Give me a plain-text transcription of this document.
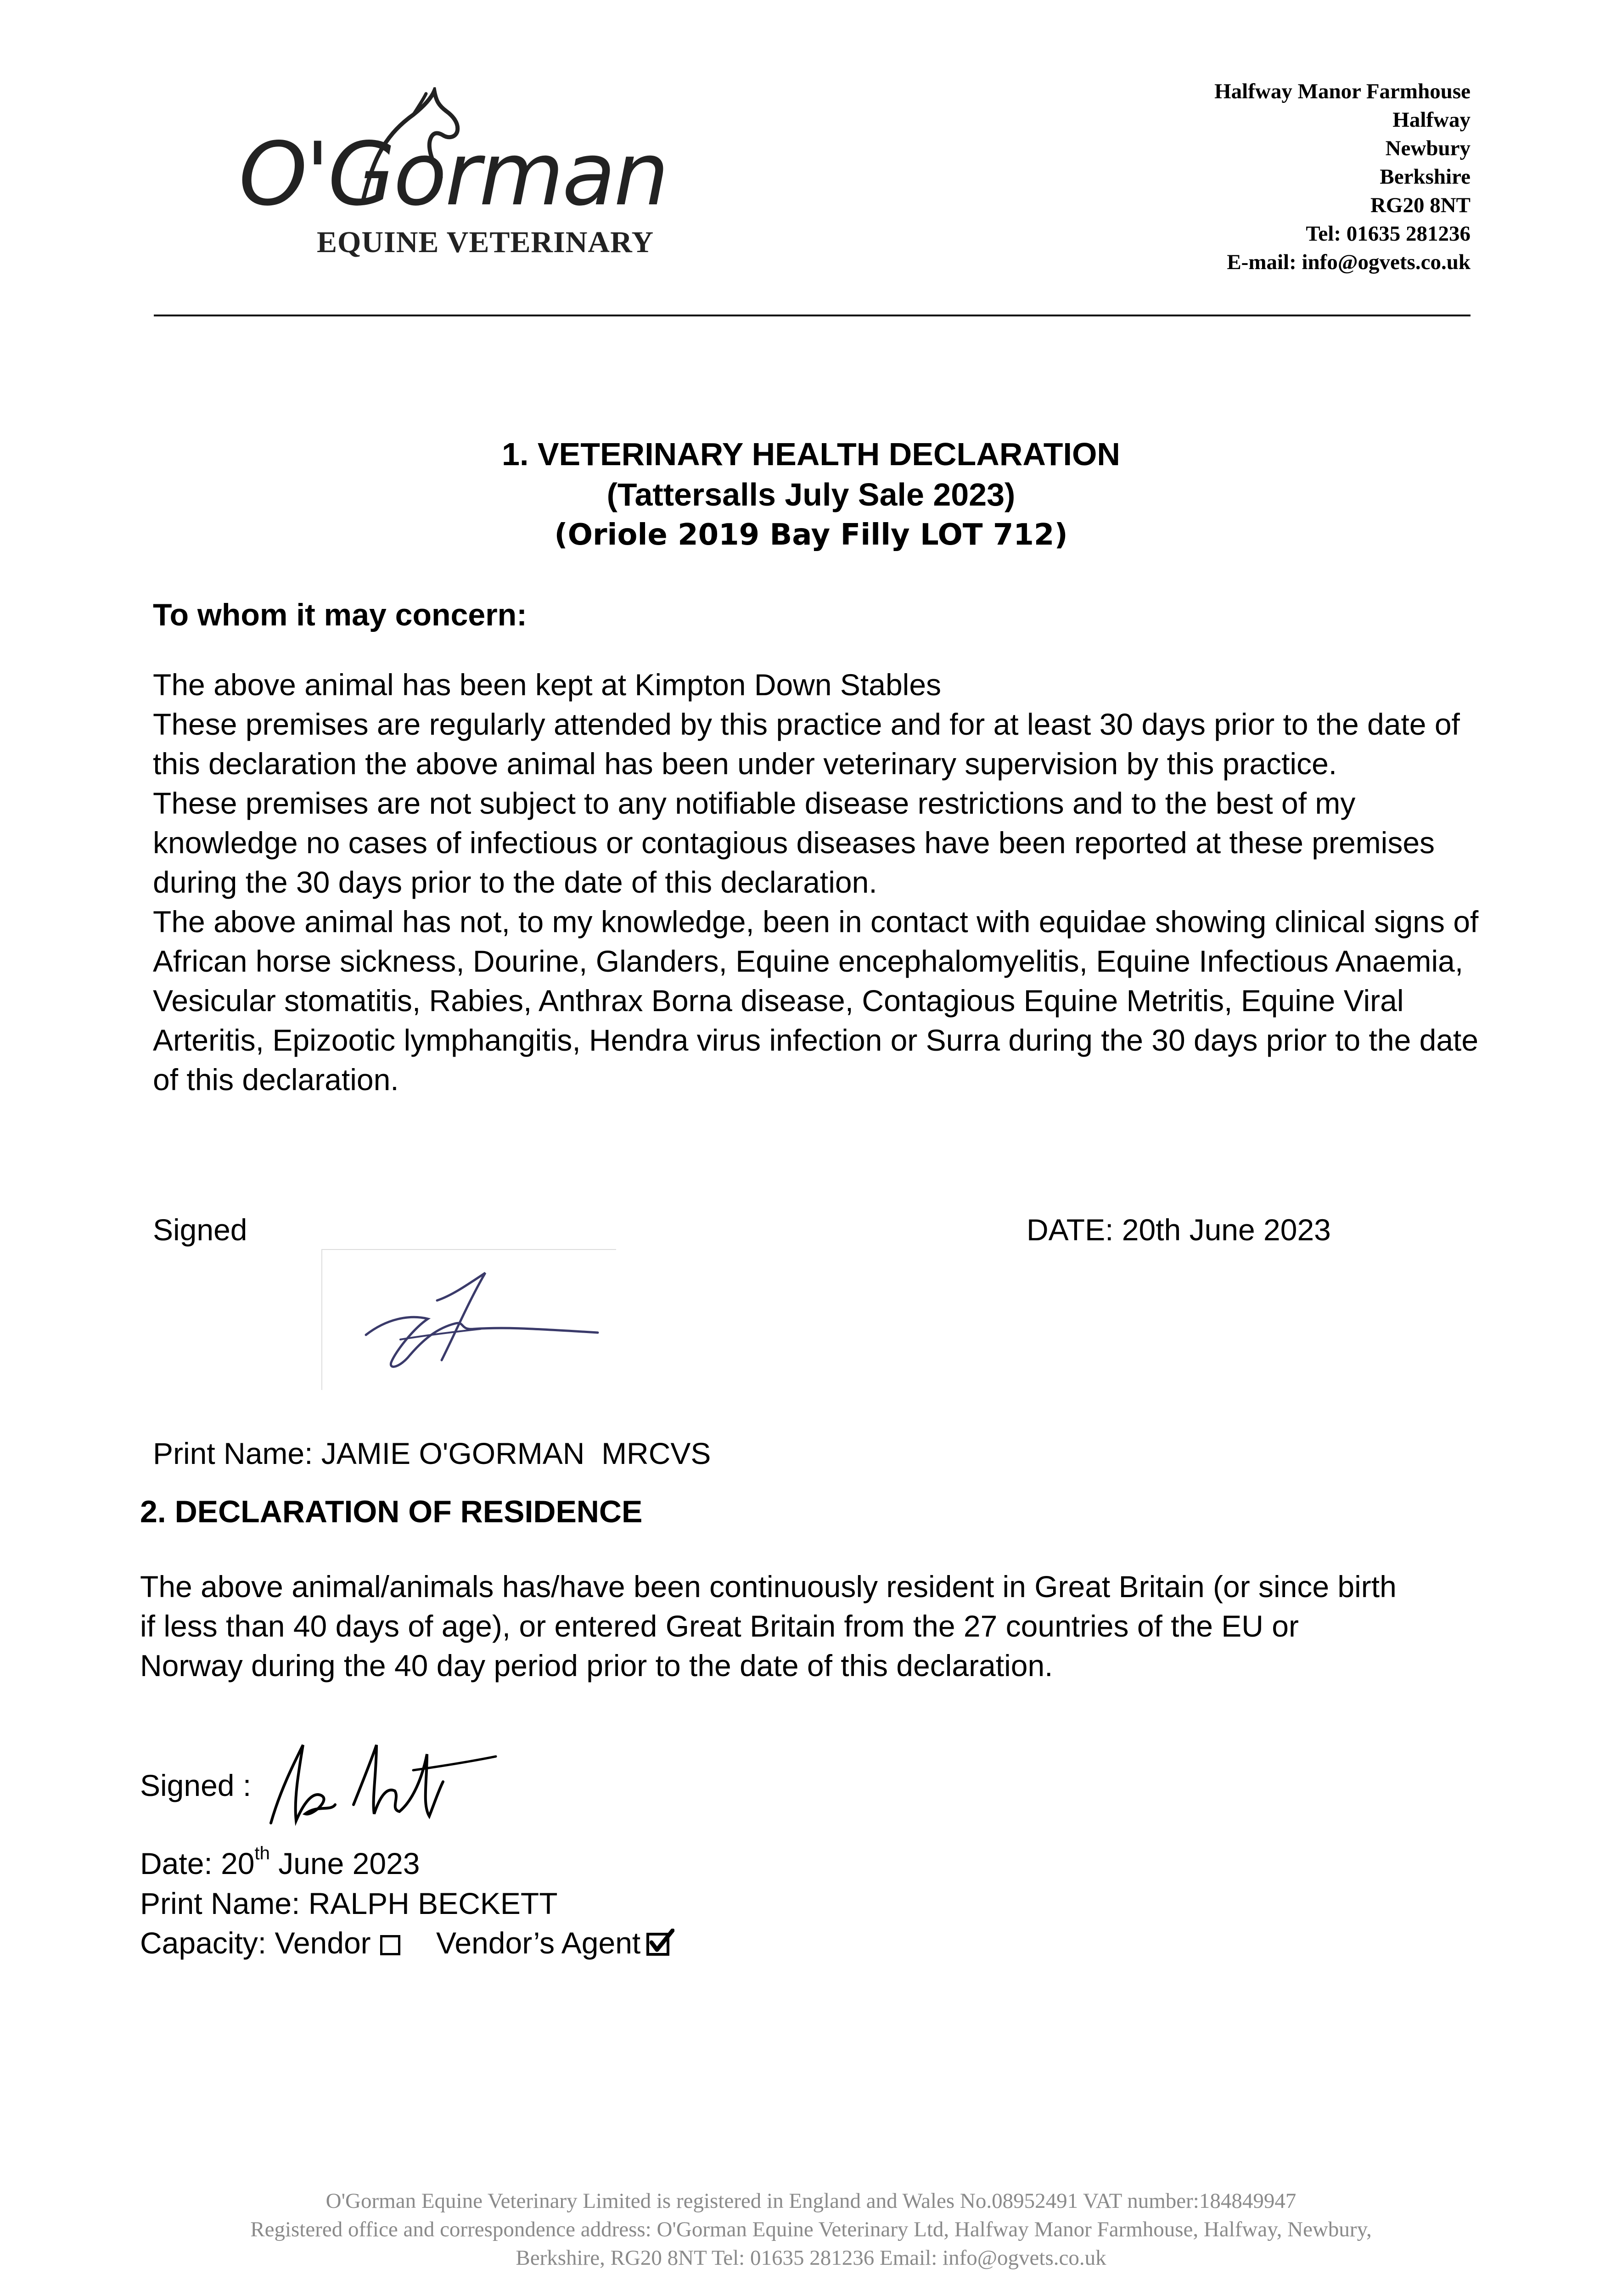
O'Gorman
EQUINE VETERINARY
Halfway Manor Farmhouse
Halfway
Newbury
Berkshire
RG20 8NT
Tel: 01635 281236
E-mail: info@ogvets.co.uk
1. VETERINARY HEALTH DECLARATION
(Tattersalls July Sale 2023)
(Oriole 2019 Bay Filly LOT 712)
To whom it may concern:

The above animal has been kept at Kimpton Down Stables

These premises are regularly attended by this practice and for at least 30 days prior to the date of this declaration the above animal has been under veterinary supervision by this practice.

These premises are not subject to any notifiable disease restrictions and to the best of my knowledge no cases of infectious or contagious diseases have been reported at these premises during the 30 days prior to the date of this declaration.

The above animal has not, to my knowledge, been in contact with equidae showing clinical signs of African horse sickness, Dourine, Glanders, Equine encephalomyelitis, Equine Infectious Anaemia, Vesicular stomatitis, Rabies, Anthrax Borna disease, Contagious Equine Metritis, Equine Viral Arteritis, Epizootic lymphangitis, Hendra virus infection or Surra during the 30 days prior to the date of this declaration.

Signed	DATE: 20th June 2023
Print Name: JAMIE O'GORMAN  MRCVS
2. DECLARATION OF RESIDENCE
The above animal/animals has/have been continuously resident in Great Britain (or since birth if less than 40 days of age), or entered Great Britain from the 27 countries of the EU or Norway during the 40 day period prior to the date of this declaration.
Signed :
Date: 20th June 2023
Print Name: RALPH BECKETT
Capacity: Vendor Vendor’s Agent
O'Gorman Equine Veterinary Limited is registered in England and Wales No.08952491 VAT number:184849947
Registered office and correspondence address: O'Gorman Equine Veterinary Ltd, Halfway Manor Farmhouse, Halfway, Newbury,
Berkshire, RG20 8NT Tel: 01635 281236 Email: info@ogvets.co.uk
